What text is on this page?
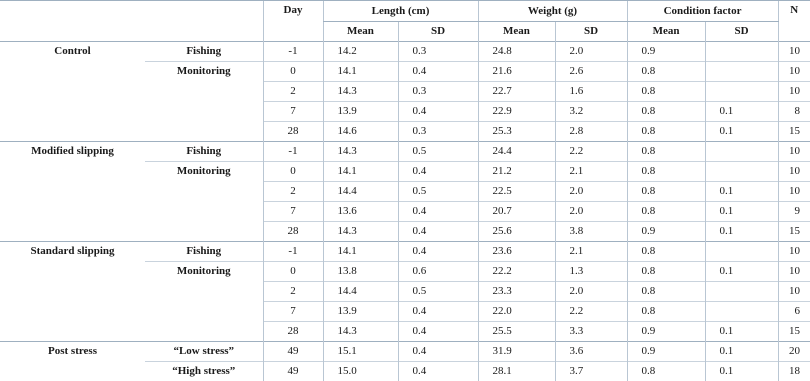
		Day	Length (cm)		Weight (g)		Condition factor		N
			Mean	SD	Mean	SD	Mean	SD	
Control	Fishing	-1	14.2	0.3	24.8	2.0	0.9		10
	Monitoring	0	14.1	0.4	21.6	2.6	0.8		10
		2	14.3	0.3	22.7	1.6	0.8		10
		7	13.9	0.4	22.9	3.2	0.8	0.1	8
		28	14.6	0.3	25.3	2.8	0.8	0.1	15
Modified slipping	Fishing	-1	14.3	0.5	24.4	2.2	0.8		10
	Monitoring	0	14.1	0.4	21.2	2.1	0.8		10
		2	14.4	0.5	22.5	2.0	0.8	0.1	10
		7	13.6	0.4	20.7	2.0	0.8	0.1	9
		28	14.3	0.4	25.6	3.8	0.9	0.1	15
Standard slipping	Fishing	-1	14.1	0.4	23.6	2.1	0.8		10
	Monitoring	0	13.8	0.6	22.2	1.3	0.8	0.1	10
		2	14.4	0.5	23.3	2.0	0.8		10
		7	13.9	0.4	22.0	2.2	0.8		6
		28	14.3	0.4	25.5	3.3	0.9	0.1	15
Post stress	“Low stress”	49	15.1	0.4	31.9	3.6	0.9	0.1	20
	“High stress”	49	15.0	0.4	28.1	3.7	0.8	0.1	18
